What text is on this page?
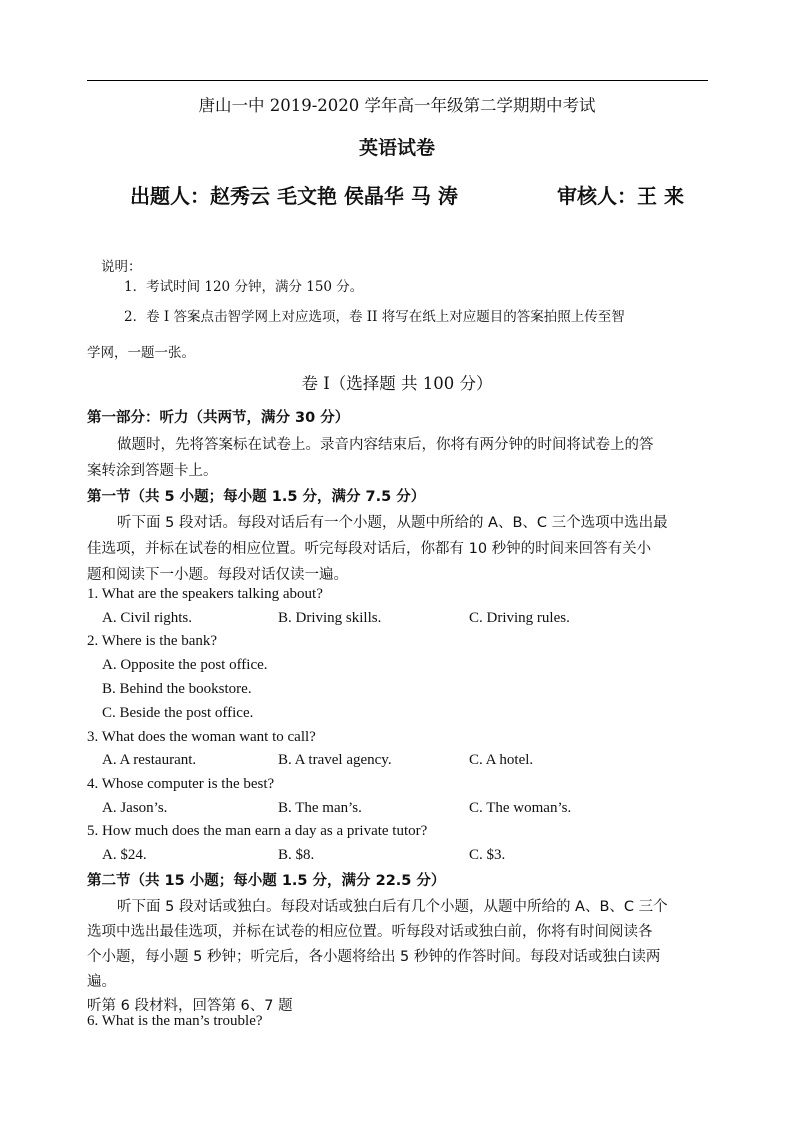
唐山一中 2019-2020 学年高一年级第二学期期中考试
英语试卷
出题人：赵秀云 毛文艳 侯晶华 马 涛	审核人：王 来
说明：
1．考试时间 120 分钟，满分 150 分。
2．卷 I 答案点击智学网上对应选项，卷 II 将写在纸上对应题目的答案拍照上传至智
学网，一题一张。
卷 I（选择题 共 100 分）
第一部分：听力（共两节，满分 30 分）
做题时，先将答案标在试卷上。录音内容结束后，你将有两分钟的时间将试卷上的答
案转涂到答题卡上。
第一节（共 5 小题；每小题 1.5 分，满分 7.5 分）
听下面 5 段对话。每段对话后有一个小题，从题中所给的 A、B、C 三个选项中选出最
佳选项，并标在试卷的相应位置。听完每段对话后，你都有 10 秒钟的时间来回答有关小
题和阅读下一小题。每段对话仅读一遍。
1. What are the speakers talking about?
A. Civil rights.	B. Driving skills.	C. Driving rules.
2. Where is the bank?
A. Opposite the post office.
B. Behind the bookstore.
C. Beside the post office.
3. What does the woman want to call?
A. A restaurant.	B. A travel agency.	C. A hotel.
4. Whose computer is the best?
A. Jason’s.	B. The man’s.	C. The woman’s.
5. How much does the man earn a day as a private tutor?
A. $24.	B. $8.	C. $3.
第二节（共 15 小题；每小题 1.5 分，满分 22.5 分）
听下面 5 段对话或独白。每段对话或独白后有几个小题，从题中所给的 A、B、C 三个
选项中选出最佳选项，并标在试卷的相应位置。听每段对话或独白前，你将有时间阅读各
个小题，每小题 5 秒钟；听完后，各小题将给出 5 秒钟的作答时间。每段对话或独白读两
遍。
听第 6 段材料，回答第 6、7 题
6. What is the man’s trouble?
